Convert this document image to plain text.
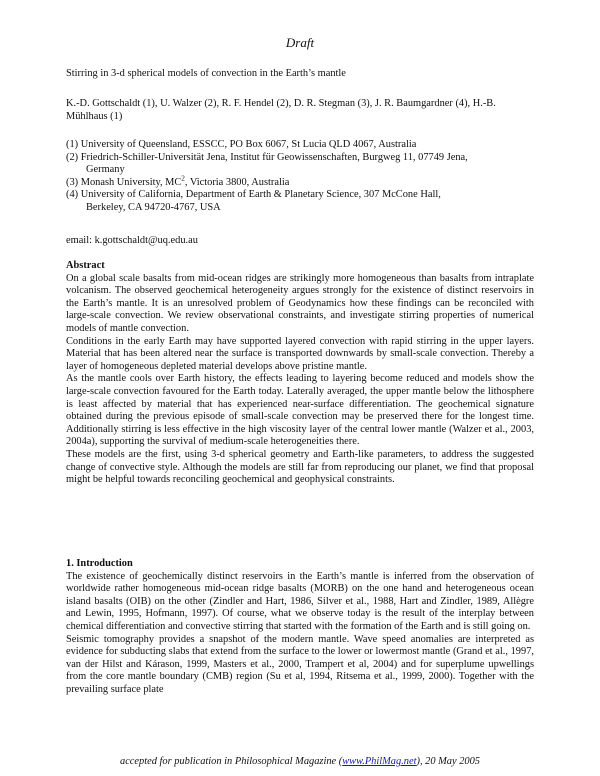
Draft
Stirring in 3-d spherical models of convection in the Earth’s mantle
K.-D. Gottschaldt (1), U. Walzer (2), R. F. Hendel (2), D. R. Stegman (3), J. R. Baumgardner (4), H.-B. Mühlhaus (1)
(1) University of Queensland, ESSCC, PO Box 6067, St Lucia QLD 4067, Australia
(2) Friedrich-Schiller-Universität Jena, Institut für Geowissenschaften, Burgweg 11, 07749 Jena,
Germany
(3) Monash University, $MC^2$, Victoria 3800, Australia
(4) University of California, Department of Earth & Planetary Science, 307 McCone Hall,
Berkeley, CA 94720-4767, USA
email: k.gottschaldt@uq.edu.au
Abstract

On a global scale basalts from mid-ocean ridges are strikingly more homogeneous than basalts from intraplate volcanism. The observed geochemical heterogeneity argues strongly for the existence of distinct reservoirs in the Earth’s mantle. It is an unresolved problem of Geodynamics how these findings can be reconciled with large-scale convection. We review observational constraints, and investigate stirring properties of numerical models of mantle convection.

Conditions in the early Earth may have supported layered convection with rapid stirring in the upper layers. Material that has been altered near the surface is transported downwards by small-scale convection. Thereby a layer of homogeneous depleted material develops above pristine mantle.

As the mantle cools over Earth history, the effects leading to layering become reduced and models show the large-scale convection favoured for the Earth today. Laterally averaged, the upper mantle below the lithosphere is least affected by material that has experienced near-surface differentiation. The geochemical signature obtained during the previous episode of small-scale convection may be preserved there for the longest time. Additionally stirring is less effective in the high viscosity layer of the central lower mantle (Walzer et al., 2003, 2004a), supporting the survival of medium-scale heterogeneities there.

These models are the first, using 3-d spherical geometry and Earth-like parameters, to address the suggested change of convective style. Although the models are still far from reproducing our planet, we find that proposal might be helpful towards reconciling geochemical and geophysical constraints.

1. Introduction

The existence of geochemically distinct reservoirs in the Earth’s mantle is inferred from the observation of worldwide rather homogeneous mid-ocean ridge basalts (MORB) on the one hand and heterogeneous ocean island basalts (OIB) on the other (Zindler and Hart, 1986, Silver et al., 1988, Hart and Zindler, 1989, Allègre and Lewin, 1995, Hofmann, 1997). Of course, what we observe today is the result of the interplay between chemical differentiation and convective stirring that started with the formation of the Earth and is still going on.

Seismic tomography provides a snapshot of the modern mantle. Wave speed anomalies are interpreted as evidence for subducting slabs that extend from the surface to the lower or lowermost mantle (Grand et al., 1997, van der Hilst and Kárason, 1999, Masters et al., 2000, Trampert et al, 2004) and for superplume upwellings from the core mantle boundary (CMB) region (Su et al, 1994, Ritsema et al., 1999, 2000). Together with the prevailing surface plate

accepted for publication in Philosophical Magazine (www.PhilMag.net), 20 May 2005
